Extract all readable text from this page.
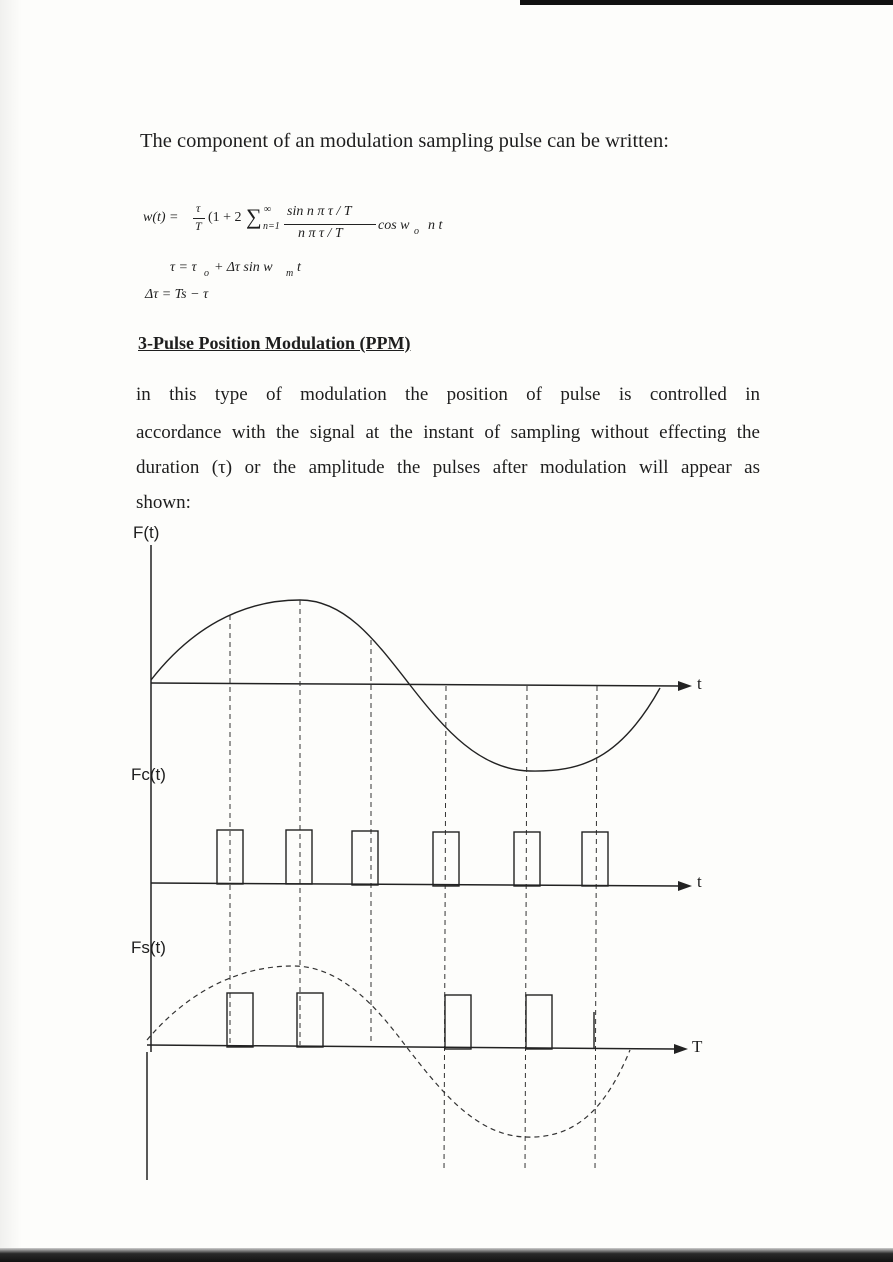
The component of an modulation sampling pulse can be written:

w(t) =
τ
T
(1 + 2 ∑ ∞
n=1
sin n π τ / T
n π τ / T
cos w o n t
τ = τ o + Δτ sin w m t
Δτ = Ts − τ
3-Pulse Position Modulation (PPM)

in this type of modulation the position of pulse is controlled in

accordance with the signal at the instant of sampling without effecting the

duration (τ) or the amplitude the pulses after modulation will appear as

shown:

F(t)
Fc(t)
Fs(t)
t
t
T
